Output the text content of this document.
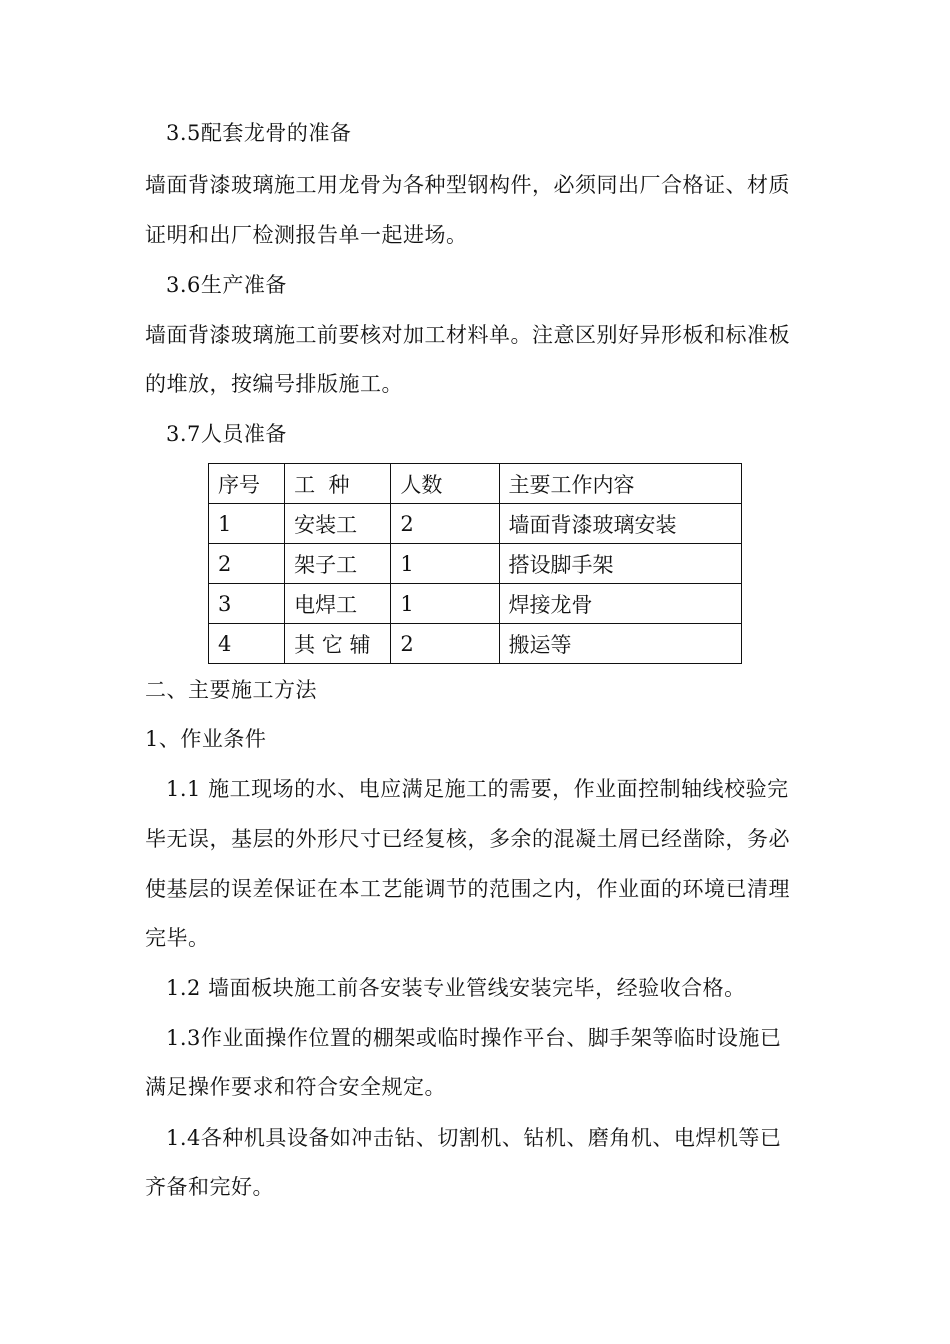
3.5配套龙骨的准备
墙面背漆玻璃施工用龙骨为各种型钢构件，必须同出厂合格证、材质
证明和出厂检测报告单一起进场。
3.6生产准备
墙面背漆玻璃施工前要核对加工材料单。注意区别好异形板和标准板
的堆放，按编号排版施工。
3.7人员准备
序号	工  种	人数	主要工作内容
1	安装工	2	墙面背漆玻璃安装
2	架子工	1	搭设脚手架
3	电焊工	1	焊接龙骨
4	其 它 辅	2	搬运等
二、主要施工方法
1、作业条件
1.1 施工现场的水、电应满足施工的需要，作业面控制轴线校验完
毕无误，基层的外形尺寸已经复核，多余的混凝土屑已经凿除，务必
使基层的误差保证在本工艺能调节的范围之内，作业面的环境已清理
完毕。
1.2 墙面板块施工前各安装专业管线安装完毕，经验收合格。
1.3作业面操作位置的棚架或临时操作平台、脚手架等临时设施已
满足操作要求和符合安全规定。
1.4各种机具设备如冲击钻、切割机、钻机、磨角机、电焊机等已
齐备和完好。
